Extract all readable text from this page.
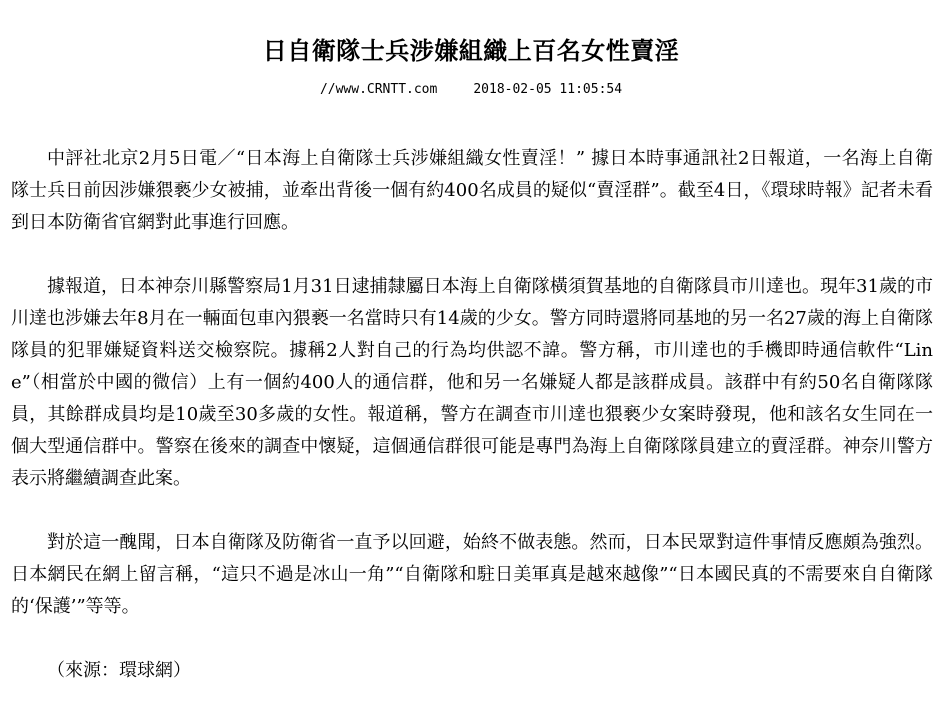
日自衛隊士兵涉嫌組織上百名女性賣淫
//www.CRNTT.com	2018-02-05 11:05:54

中評社北京2月5日電／“日本海上自衛隊士兵涉嫌組織女性賣淫！” 據日本時事通訊社2日報道，一名海上自衛隊士兵日前因涉嫌猥褻少女被捕，並牽出背後一個有約400名成員的疑似“賣淫群”。截至4日，《環球時報》記者未看到日本防衛省官網對此事進行回應。

據報道，日本神奈川縣警察局1月31日逮捕隸屬日本海上自衛隊橫須賀基地的自衛隊員市川達也。現年31歲的市川達也涉嫌去年8月在一輛面包車內猥褻一名當時只有14歲的少女。警方同時還將同基地的另一名27歲的海上自衛隊隊員的犯罪嫌疑資料送交檢察院。據稱2人對自己的行為均供認不諱。警方稱，市川達也的手機即時通信軟件“Line”（相當於中國的微信）上有一個約400人的通信群，他和另一名嫌疑人都是該群成員。該群中有約50名自衛隊隊員，其餘群成員均是10歲至30多歲的女性。報道稱，警方在調查市川達也猥褻少女案時發現，他和該名女生同在一個大型通信群中。警察在後來的調查中懷疑，這個通信群很可能是專門為海上自衛隊隊員建立的賣淫群。神奈川警方表示將繼續調查此案。

對於這一醜聞，日本自衛隊及防衛省一直予以回避，始終不做表態。然而，日本民眾對這件事情反應頗為強烈。日本網民在網上留言稱，“這只不過是冰山一角”“自衛隊和駐日美軍真是越來越像”“日本國民真的不需要來自自衛隊的‘保護’”等等。

（來源：環球網）
